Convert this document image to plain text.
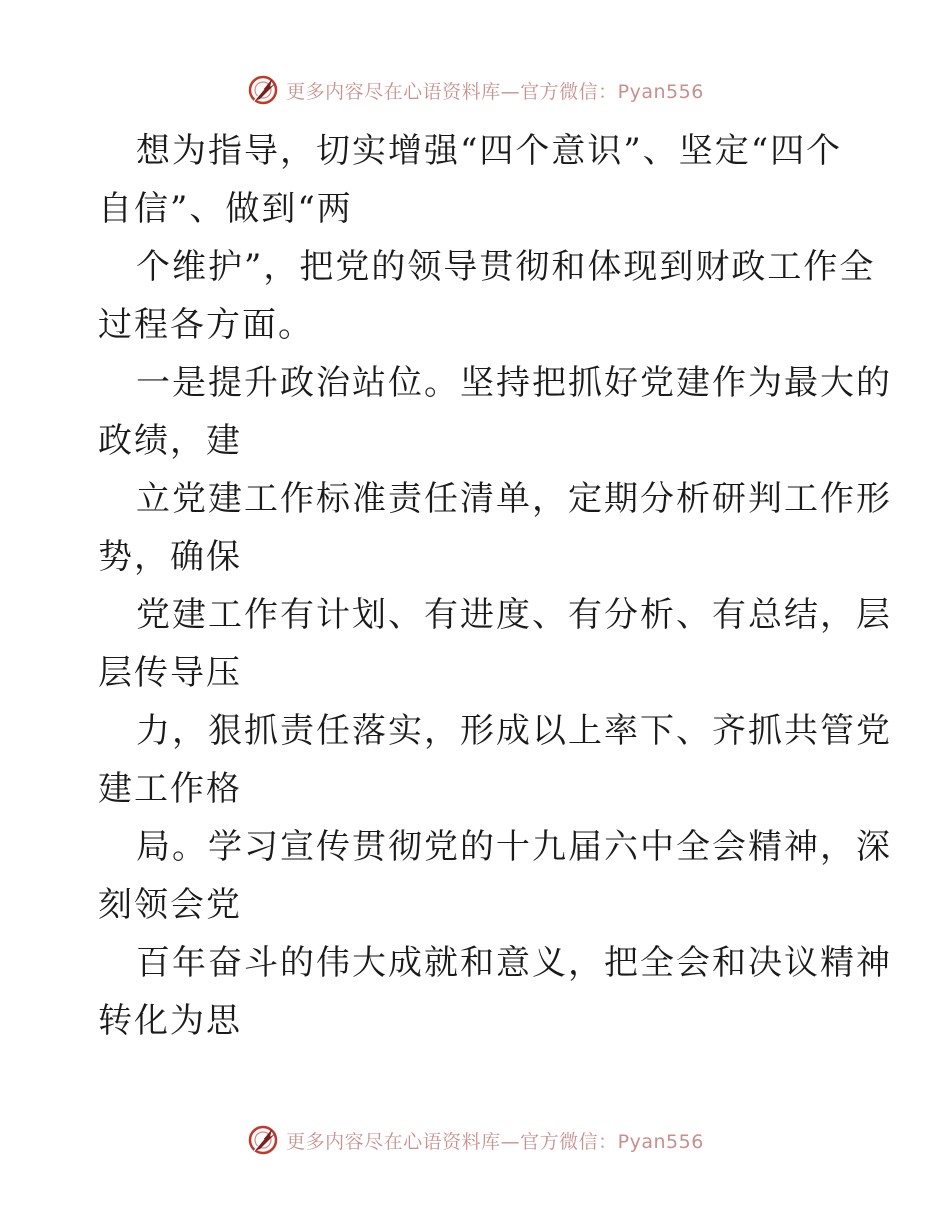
更多内容尽在心语资料库—官方微信：Pyan556
想为指导，切实增强“四个意识”、坚定“四个
自信”、做到“两
个维护”，把党的领导贯彻和体现到财政工作全
过程各方面。
一是提升政治站位。坚持把抓好党建作为最大的
政绩，建
立党建工作标准责任清单，定期分析研判工作形
势，确保
党建工作有计划、有进度、有分析、有总结，层
层传导压
力，狠抓责任落实，形成以上率下、齐抓共管党
建工作格
局。学习宣传贯彻党的十九届六中全会精神，深
刻领会党
百年奋斗的伟大成就和意义，把全会和决议精神
转化为思
更多内容尽在心语资料库—官方微信：Pyan556
